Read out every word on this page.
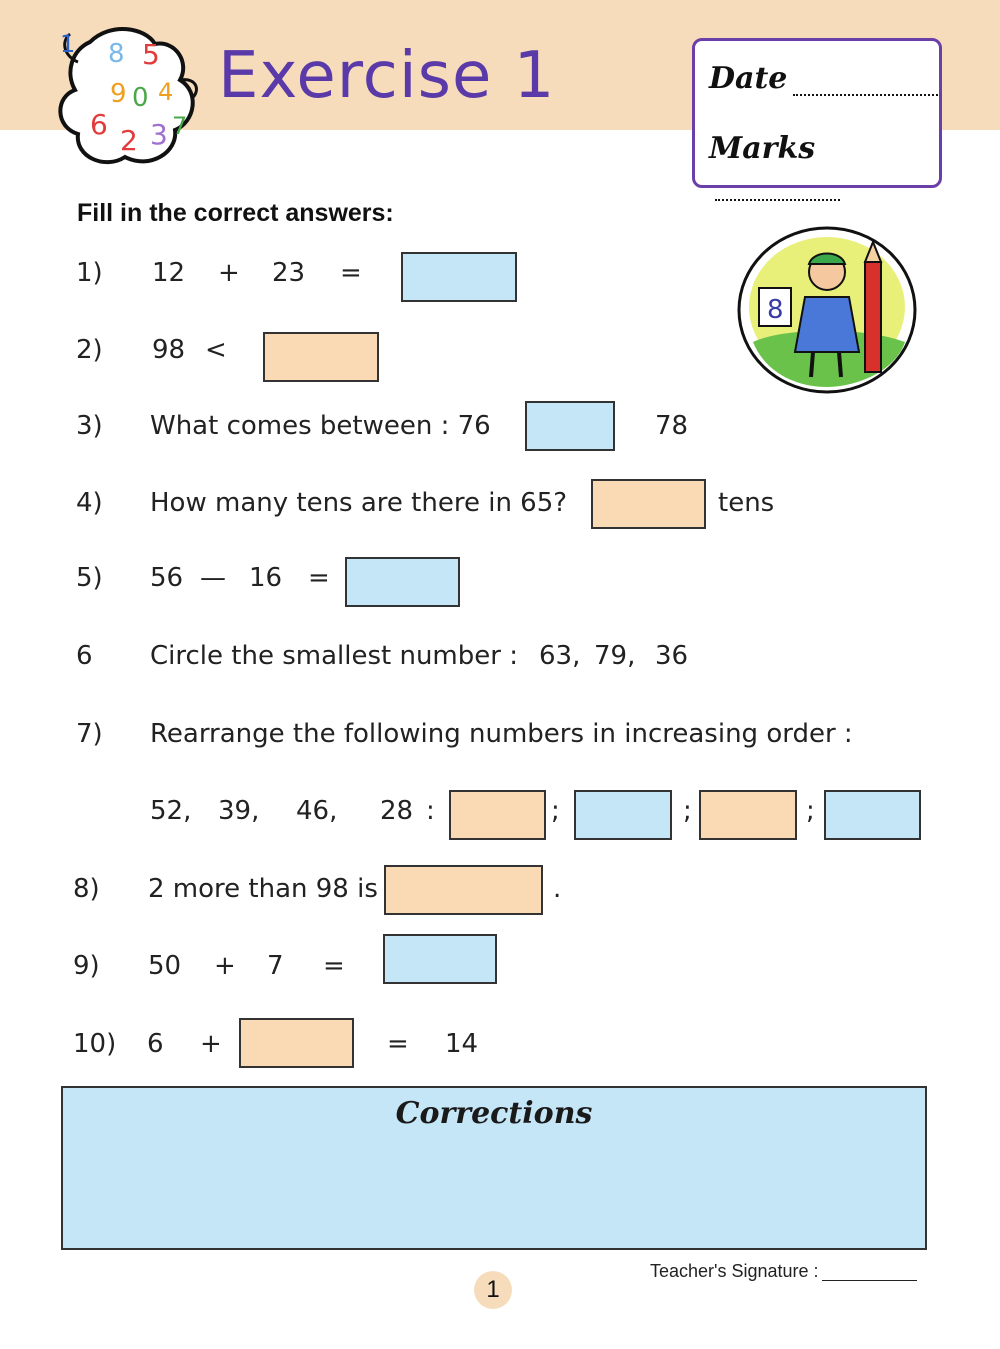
1 8 5
9 0 4
6 2 3 7
Exercise 1	Date
Marks
Fill in the correct answers:
8
1) 12 + 23 =
2) 98 <
3) What comes between : 76	78
4) How many tens are there in 65?	tens
5) 56 — 16 =
6 Circle the smallest number : 63, 79, 36
7) Rearrange the following numbers in increasing order :
52, 39, 46, 28 :	;	;	;
8) 2 more than 98 is	.
9) 50 + 7 =
10) 6 +	= 14
Corrections
Teacher's Signature :
1
